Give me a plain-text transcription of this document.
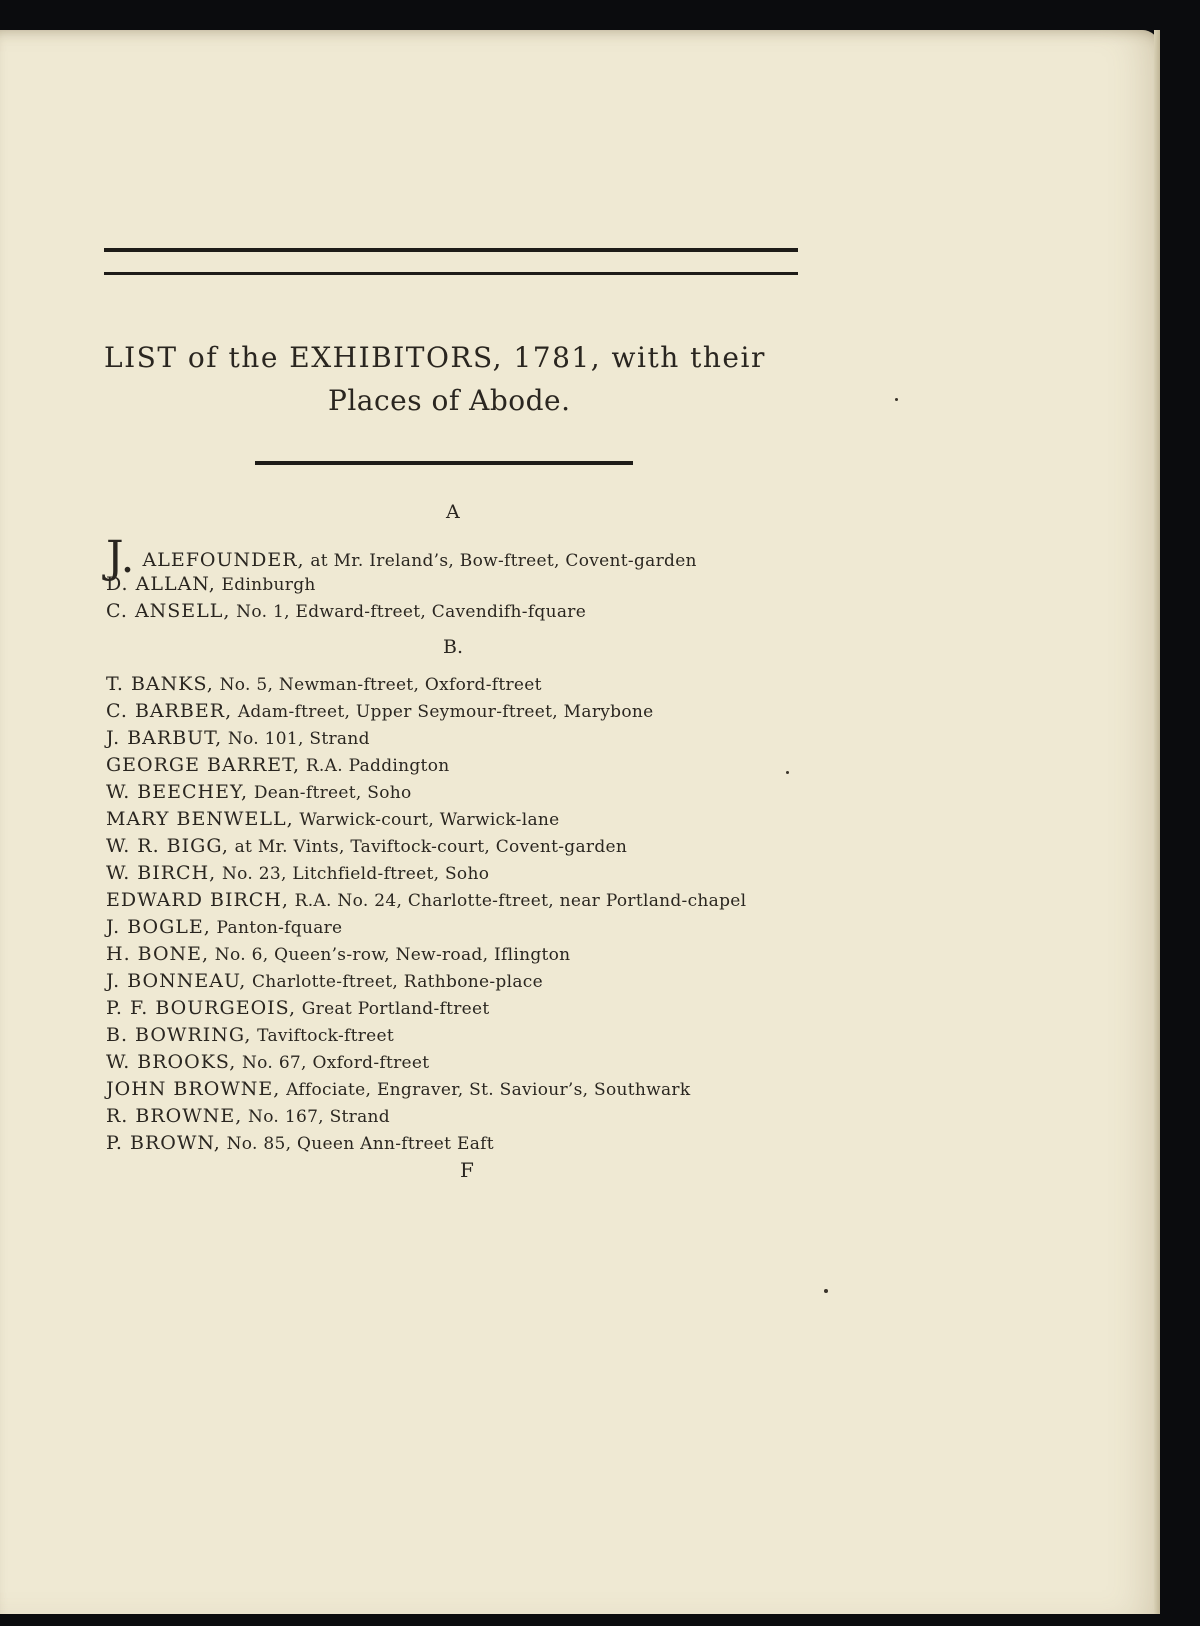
LIST of the EXHIBITORS, 1781, with their
Places of Abode.
A
J. ALEFOUNDER, at Mr. Ireland’s, Bow-ftreet, Covent-garden
D. ALLAN, Edinburgh
C. ANSELL, No. 1, Edward-ftreet, Cavendifh-fquare
B.
T. BANKS, No. 5, Newman-ftreet, Oxford-ftreet
C. BARBER, Adam-ftreet, Upper Seymour-ftreet, Marybone
J. BARBUT, No. 101, Strand
GEORGE BARRET, R.A. Paddington
W. BEECHEY, Dean-ftreet, Soho
MARY BENWELL, Warwick-court, Warwick-lane
W. R. BIGG, at Mr. Vints, Taviftock-court, Covent-garden
W. BIRCH, No. 23, Litchfield-ftreet, Soho
EDWARD BIRCH, R.A. No. 24, Charlotte-ftreet, near Portland-chapel
J. BOGLE, Panton-fquare
H. BONE, No. 6, Queen’s-row, New-road, Iflington
J. BONNEAU, Charlotte-ftreet, Rathbone-place
P. F. BOURGEOIS, Great Portland-ftreet
B. BOWRING, Taviftock-ftreet
W. BROOKS, No. 67, Oxford-ftreet
JOHN BROWNE, Affociate, Engraver, St. Saviour’s, Southwark
R. BROWNE, No. 167, Strand
P. BROWN, No. 85, Queen Ann-ftreet Eaft
F
